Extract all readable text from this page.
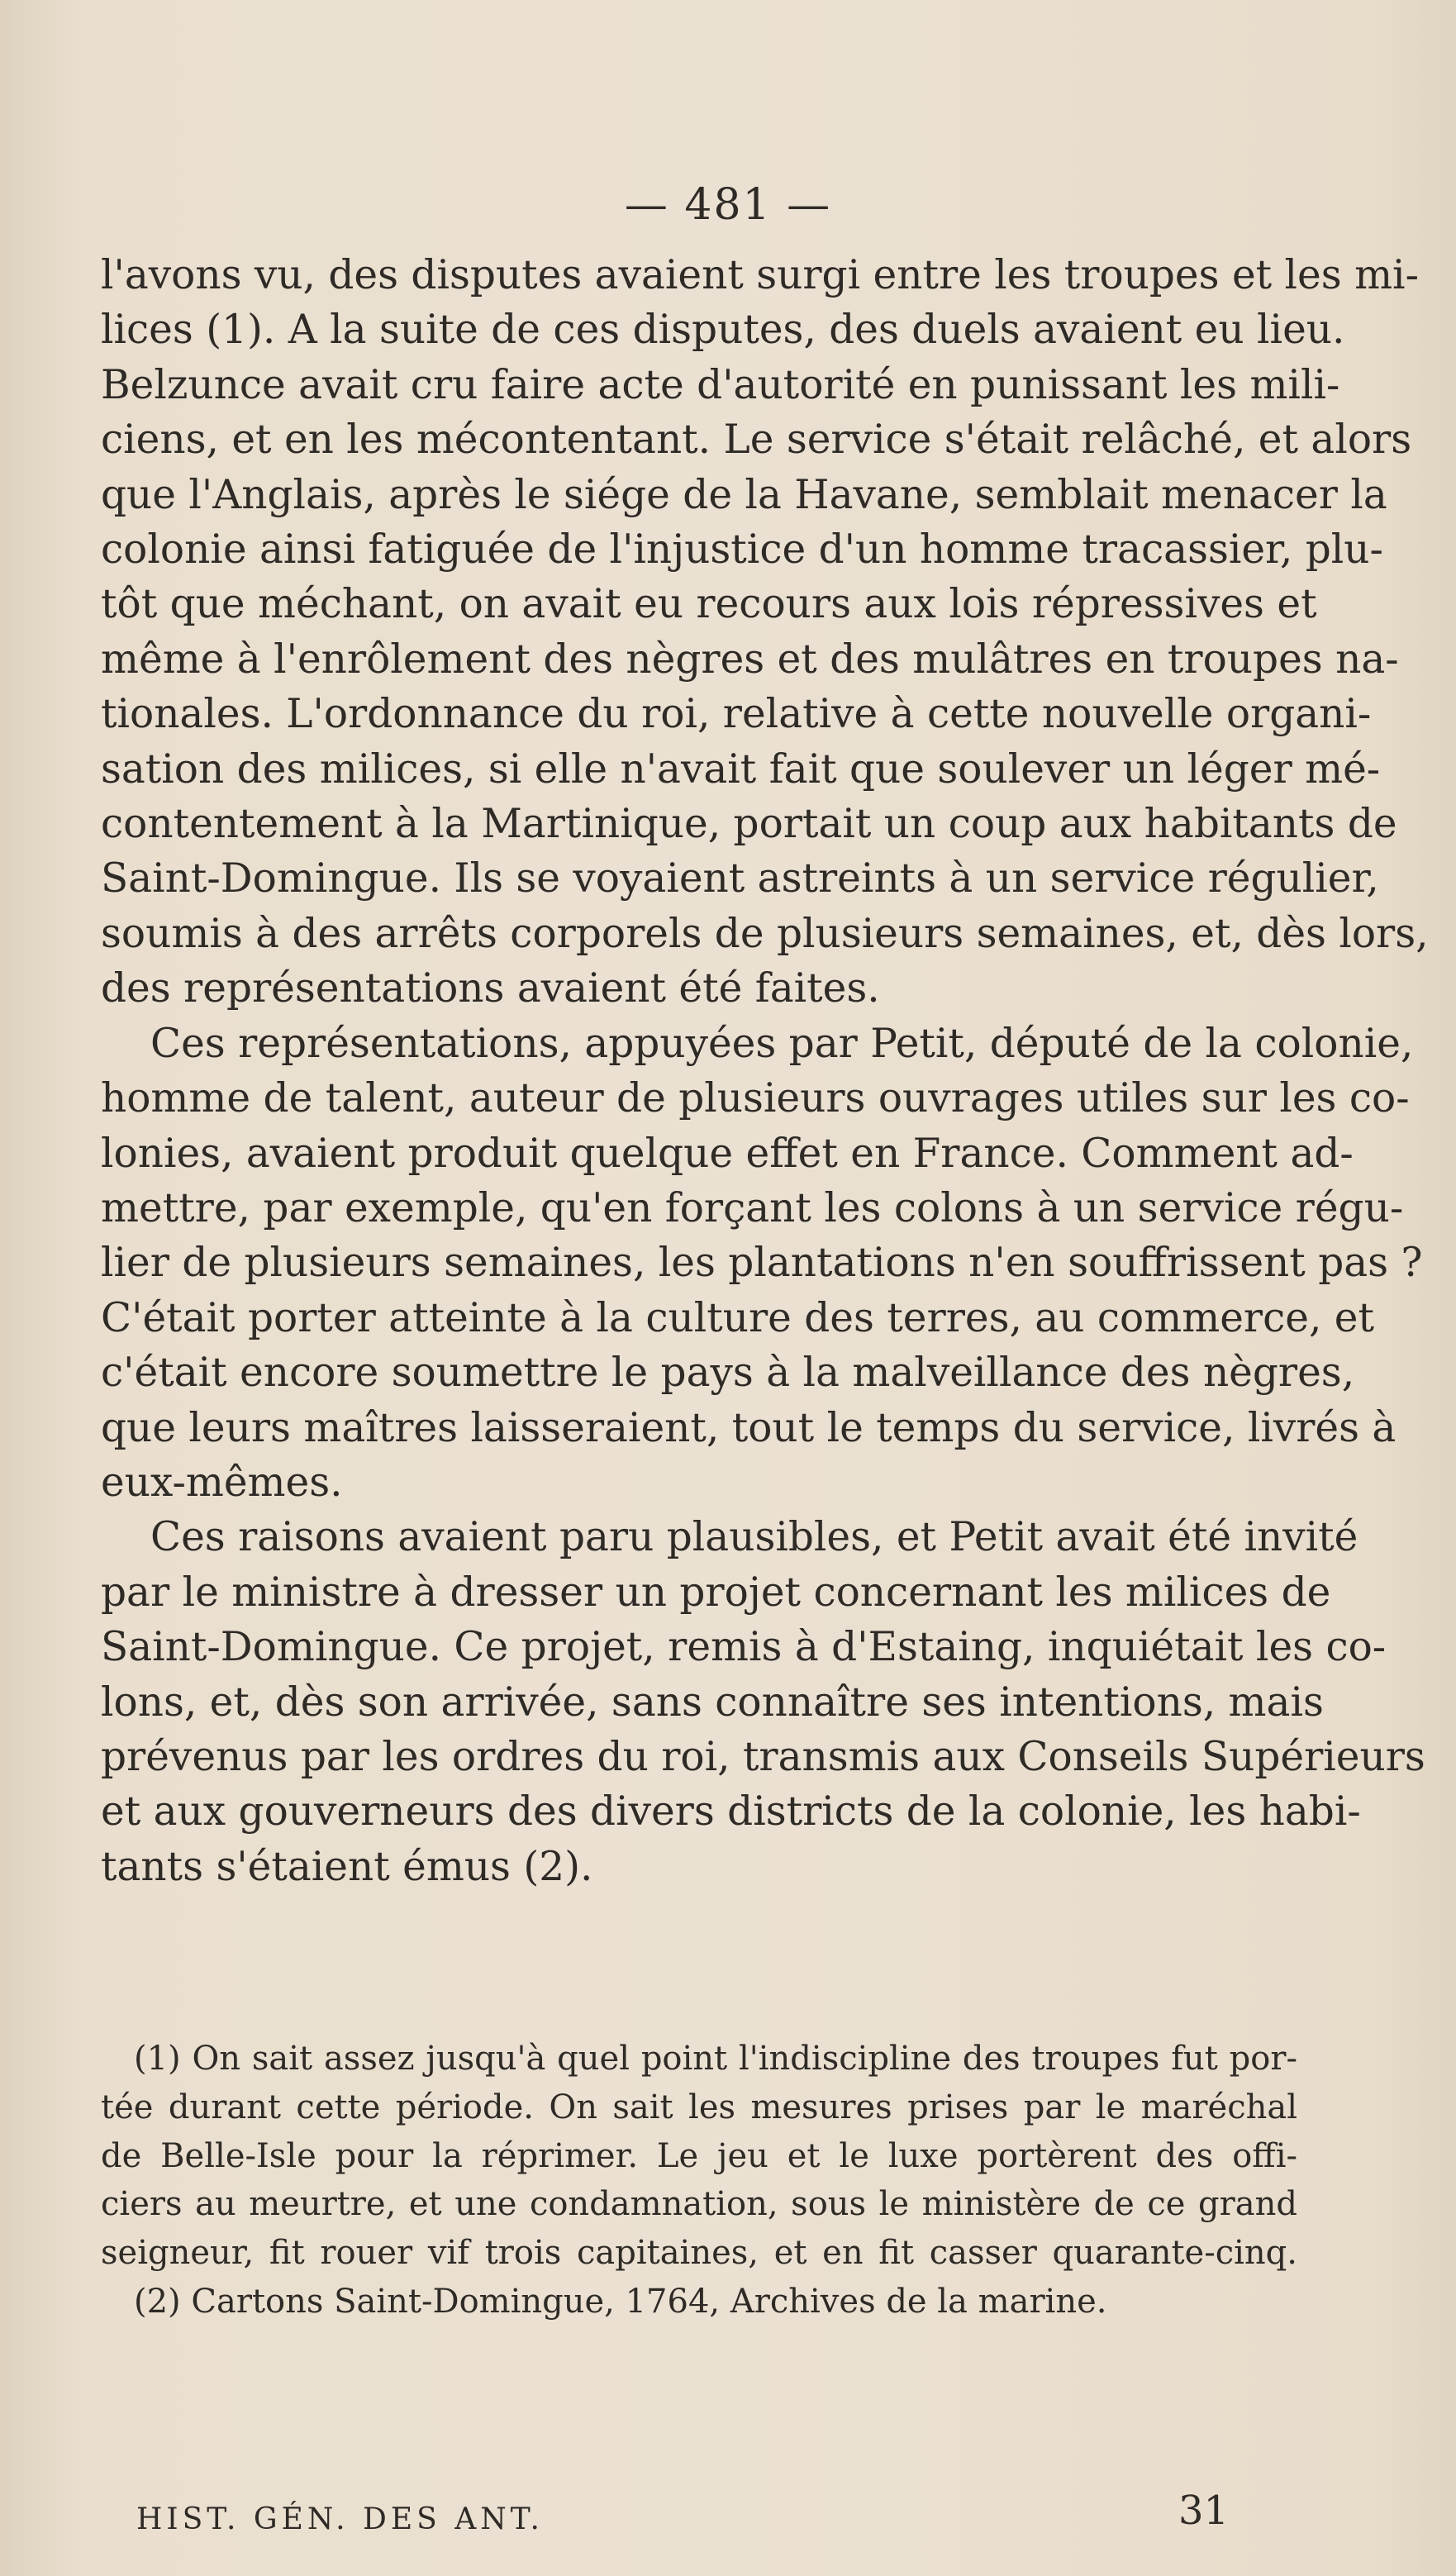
— 481 —
l'avons vu, des disputes avaient surgi entre les troupes et les mi-
lices (1). A la suite de ces disputes, des duels avaient eu lieu.
Belzunce avait cru faire acte d'autorité en punissant les mili-
ciens, et en les mécontentant. Le service s'était relâché, et alors
que l'Anglais, après le siége de la Havane, semblait menacer la
colonie ainsi fatiguée de l'injustice d'un homme tracassier, plu-
tôt que méchant, on avait eu recours aux lois répressives et
même à l'enrôlement des nègres et des mulâtres en troupes na-
tionales. L'ordonnance du roi, relative à cette nouvelle organi-
sation des milices, si elle n'avait fait que soulever un léger mé-
contentement à la Martinique, portait un coup aux habitants de
Saint-Domingue. Ils se voyaient astreints à un service régulier,
soumis à des arrêts corporels de plusieurs semaines, et, dès lors,
des représentations avaient été faites.
Ces représentations, appuyées par Petit, député de la colonie,
homme de talent, auteur de plusieurs ouvrages utiles sur les co-
lonies, avaient produit quelque effet en France. Comment ad-
mettre, par exemple, qu'en forçant les colons à un service régu-
lier de plusieurs semaines, les plantations n'en souffrissent pas ?
C'était porter atteinte à la culture des terres, au commerce, et
c'était encore soumettre le pays à la malveillance des nègres,
que leurs maîtres laisseraient, tout le temps du service, livrés à
eux-mêmes.
Ces raisons avaient paru plausibles, et Petit avait été invité
par le ministre à dresser un projet concernant les milices de
Saint-Domingue. Ce projet, remis à d'Estaing, inquiétait les co-
lons, et, dès son arrivée, sans connaître ses intentions, mais
prévenus par les ordres du roi, transmis aux Conseils Supérieurs
et aux gouverneurs des divers districts de la colonie, les habi-
tants s'étaient émus (2).
(1) On sait assez jusqu'à quel point l'indiscipline des troupes fut por-
tée durant cette période. On sait les mesures prises par le maréchal
de Belle-Isle pour la réprimer. Le jeu et le luxe portèrent des offi-
ciers au meurtre, et une condamnation, sous le ministère de ce grand
seigneur, fit rouer vif trois capitaines, et en fit casser quarante-cinq.
(2) Cartons Saint-Domingue, 1764, Archives de la marine.
HIST. GÉN. DES ANT.	31
